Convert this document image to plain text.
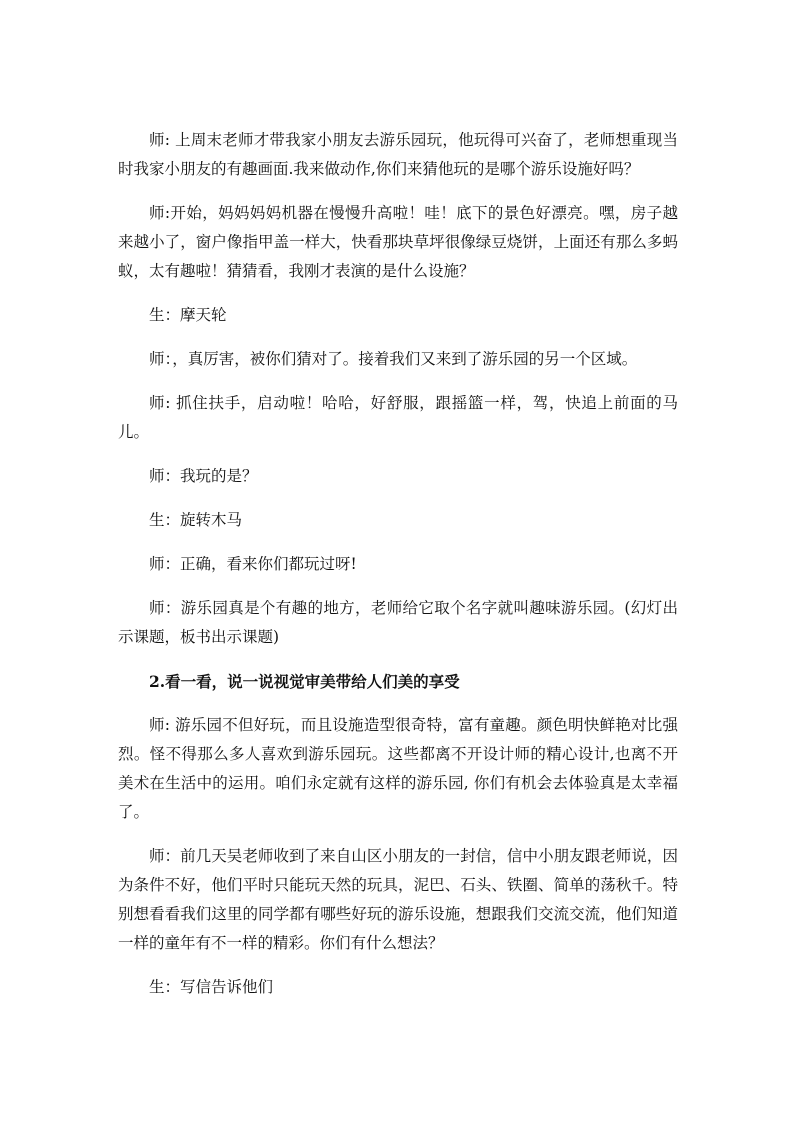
师: 上周末老师才带我家小朋友去游乐园玩，他玩得可兴奋了，老师想重现当时我家小朋友的有趣画面.我来做动作,你们来猜他玩的是哪个游乐设施好吗？

师:开始，妈妈妈妈机器在慢慢升高啦！哇！底下的景色好漂亮。嘿，房子越来越小了，窗户像指甲盖一样大，快看那块草坪很像绿豆烧饼，上面还有那么多蚂蚁，太有趣啦！猜猜看，我刚才表演的是什么设施？

生：摩天轮

师：，真厉害，被你们猜对了。接着我们又来到了游乐园的另一个区域。

师: 抓住扶手，启动啦！哈哈，好舒服，跟摇篮一样，驾，快追上前面的马儿。

师：我玩的是？

生：旋转木马

师：正确，看来你们都玩过呀!

师：游乐园真是个有趣的地方，老师给它取个名字就叫趣味游乐园。(幻灯出示课题，板书出示课题)

2.看一看，说一说视觉审美带给人们美的享受

师: 游乐园不但好玩，而且设施造型很奇特，富有童趣。颜色明快鲜艳对比强烈。怪不得那么多人喜欢到游乐园玩。这些都离不开设计师的精心设计,也离不开美术在生活中的运用。咱们永定就有这样的游乐园, 你们有机会去体验真是太幸福了。

师：前几天吴老师收到了来自山区小朋友的一封信，信中小朋友跟老师说，因为条件不好，他们平时只能玩天然的玩具，泥巴、石头、铁圈、简单的荡秋千。特别想看看我们这里的同学都有哪些好玩的游乐设施，想跟我们交流交流，他们知道一样的童年有不一样的精彩。你们有什么想法？

生：写信告诉他们
